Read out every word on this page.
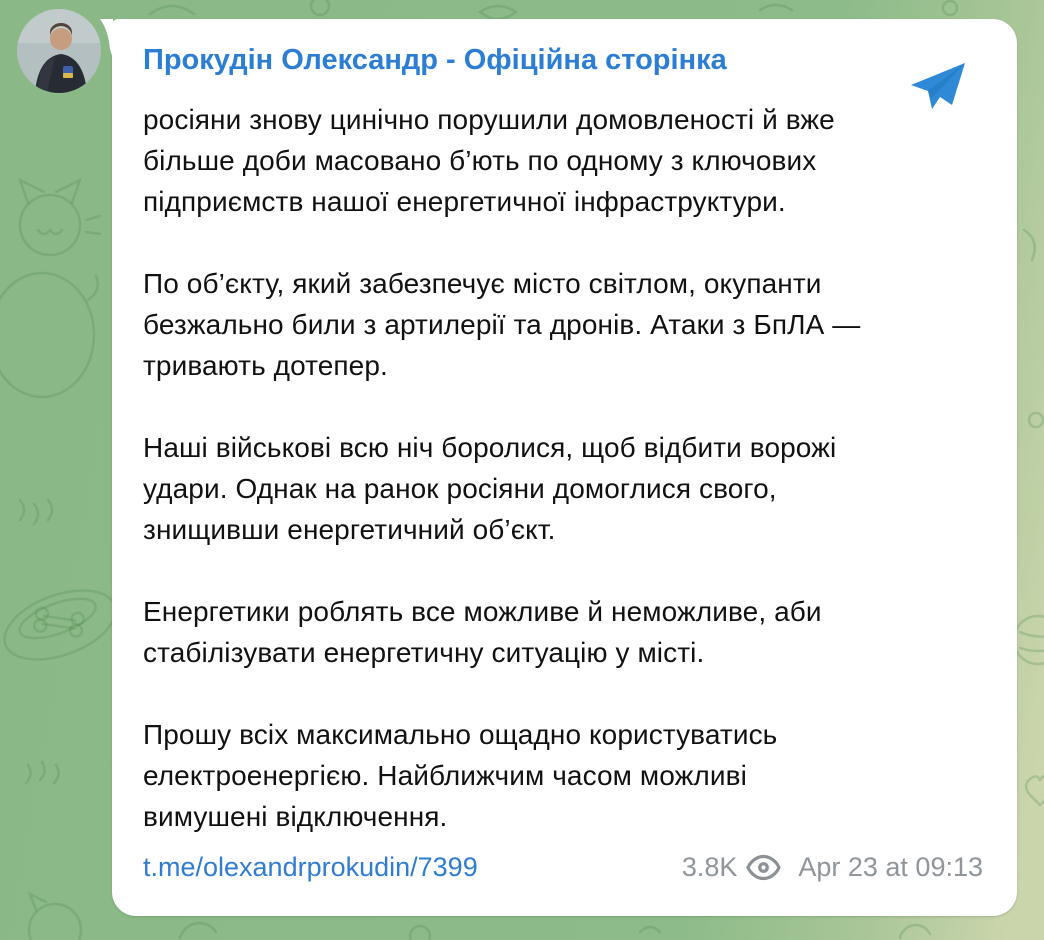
Прокудін Олександр - Офіційна сторінка

росіяни знову цинічно порушили домовленості й вже
більше доби масовано б’ють по одному з ключових
підприємств нашої енергетичної інфраструктури.

По об’єкту, який забезпечує місто світлом, окупанти
безжально били з артилерії та дронів. Атаки з БпЛА —
тривають дотепер.

Наші військові всю ніч боролися, щоб відбити ворожі
удари. Однак на ранок росіяни домоглися свого,
знищивши енергетичний об’єкт.

Енергетики роблять все можливе й неможливе, аби
стабілізувати енергетичну ситуацію у місті.

Прошу всіх максимально ощадно користуватись
електроенергією. Найближчим часом можливі
вимушені відключення.

t.me/olexandrprokudin/7399	3.8K Apr 23 at 09:13
